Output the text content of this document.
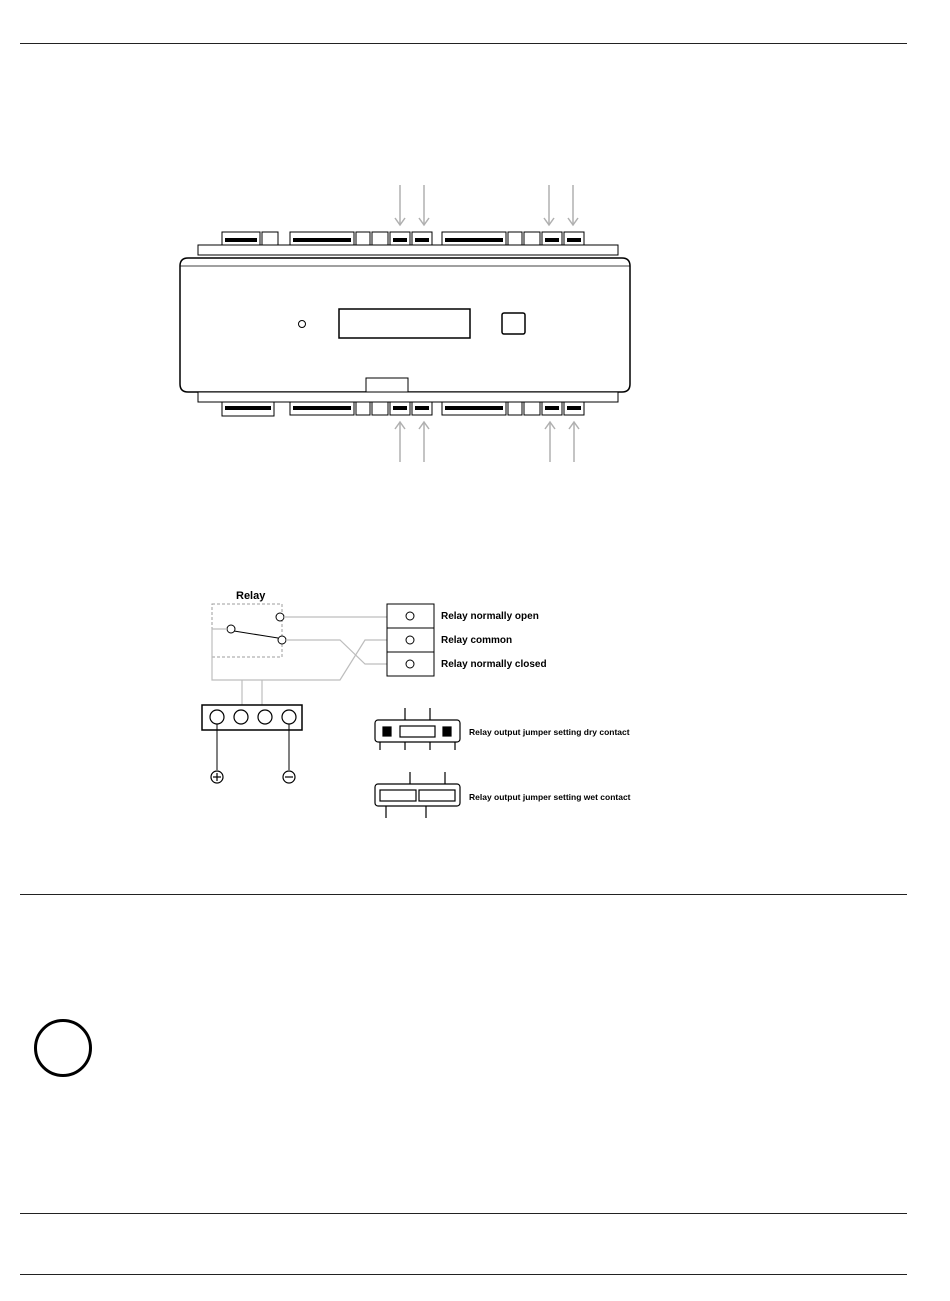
Relay
Relay normally open
Relay common
Relay normally closed
Relay output jumper setting dry contact
Relay output jumper setting wet contact
